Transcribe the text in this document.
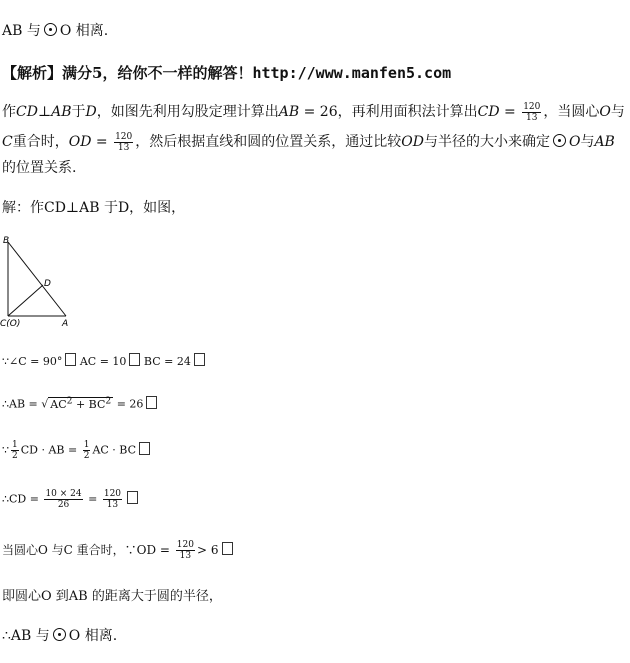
AB 与 O 相离.
【解析】满分5，给你不一样的解答！http://www.manfen5.com
作CD⊥AB于D，如图先利用勾股定理计算出AB = 26，再利用面积法计算出CD = $\frac{120}{13}$ ，当圆心O与
C重合时，OD = $\frac{120}{13}$ ，然后根据直线和圆的位置关系，通过比较OD与半径的大小来确定 O与AB
的位置关系.
解：作CD⊥AB 于D，如图，
B
D
C(O)	A
∵∠C = 90° AC = 10 BC = 24
∴AB = √ $AC^2 + BC^2 = 26$
∵ $\frac{1}{2}$ CD · AB = $\frac{1}{2}$ AC · BC
∴CD = $\frac{10 \times 24}{26} = \frac{120}{13}$
当圆心O 与C 重合时，∵OD = $\frac{120}{13} > 6$
即圆心O 到AB 的距离大于圆的半径，
∴AB 与 O 相离.
